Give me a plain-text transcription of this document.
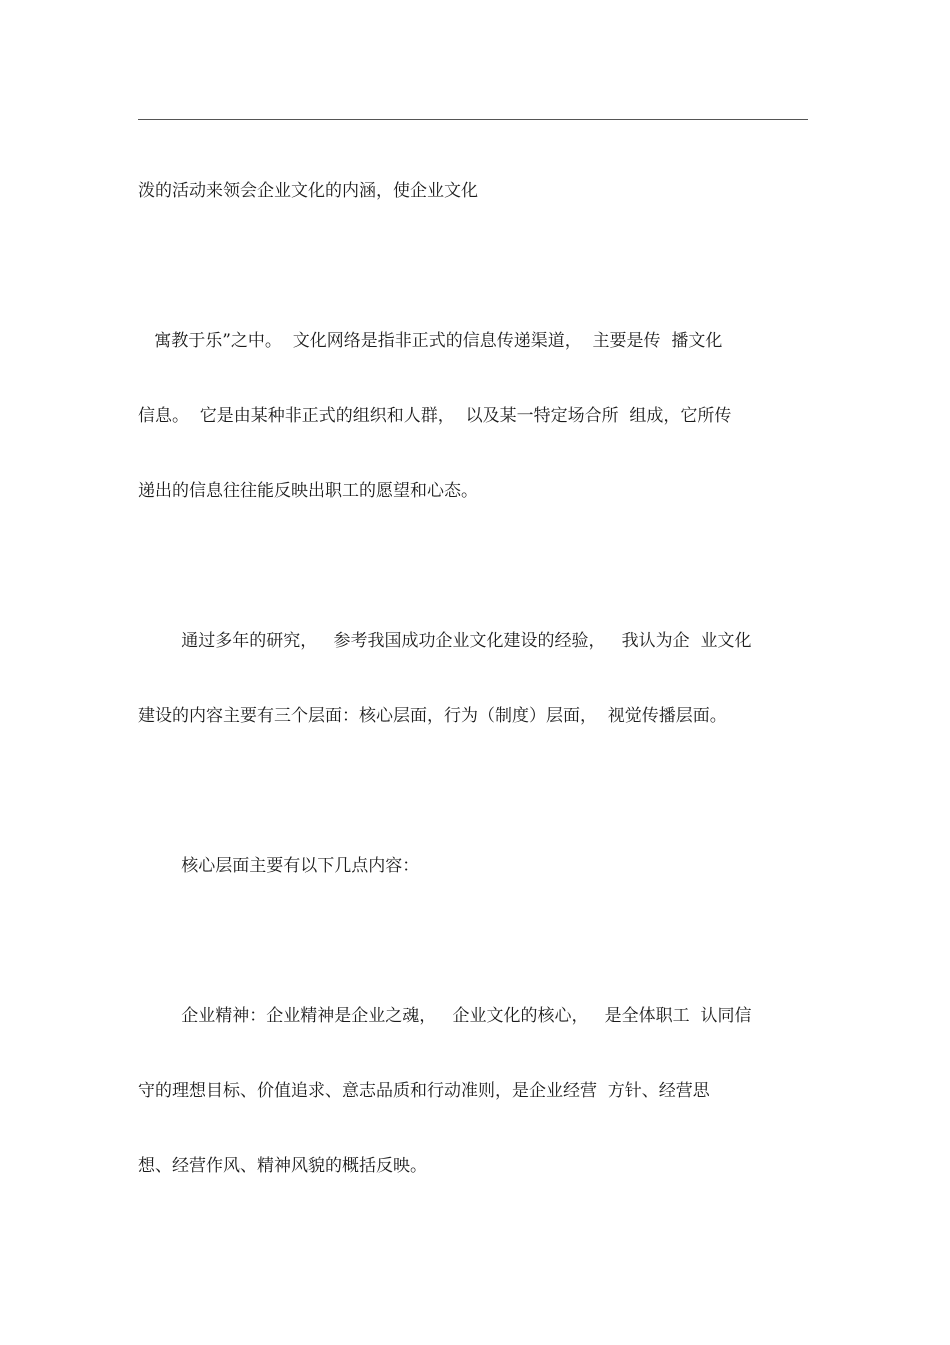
泼的活动来领会企业文化的内涵，使企业文化

寓教于乐”之中。  文化网络是指非正式的信息传递渠道，  主要是传  播文化

信息。  它是由某种非正式的组织和人群，  以及某一特定场合所  组成，它所传

递出的信息往往能反映出职工的愿望和心态。

通过多年的研究，   参考我国成功企业文化建设的经验，   我认为企  业文化

建设的内容主要有三个层面：核心层面，行为（制度）层面，  视觉传播层面。

核心层面主要有以下几点内容：

企业精神：企业精神是企业之魂，   企业文化的核心，   是全体职工  认同信

守的理想目标、价值追求、意志品质和行动准则，是企业经营  方针、经营思

想、经营作风、精神风貌的概括反映。
